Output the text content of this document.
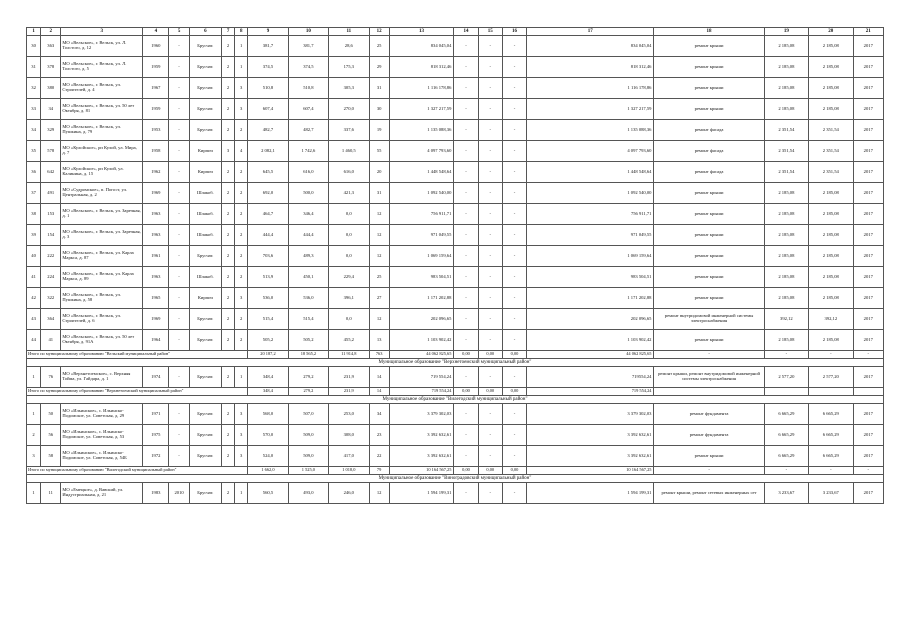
1	2	3	4	5	6	7	8	9	10	11	12	13	14	15	16	17	18	19	20	21
30	363	МО «Вельское», г. Вельск, ул. Л. Толстого, д. 12	1960	-	Брусчат.	2	1	381,7	381,7	28,6	25	834 045,04	-	-	-	834 045,04	ремонт крыши	2 185,08	2 185,08	2017
31	378	МО «Вельское», г. Вельск, ул. Л. Толстого, д. 5	1959	-	Брусчат.	2	1	374,5	374,5	175,3	29	818 312,46	-	-	-	818 312,46	ремонт крыши	2 185,08	2 185,08	2017
32	380	МО «Вельское», г. Вельск, ул. Строителей, д. 4	1967	-	Брусчат.	2	3	510,8	510,8	305,3	31	1 116 178,86	-	-	-	1 116 178,86	ремонт крыши	2 185,08	2 185,08	2017
33	34	МО «Вельское», г. Вельск, ул. 50 лет Октября, д. 81	1959	-	Брусчат.	2	3	607,4	607,4	270,0	30	1 327 217,59	-	-	-	1 327 217,59	ремонт крыши	2 185,08	2 185,08	2017
34	329	МО «Вельское», г. Вельск, ул. Пушкина, д. 79	1953	-	Брусчат.	2	2	482,7	482,7	337,6	19	1 135 088,36	-	-	-	1 135 088,36	ремонт фасада	2 351,54	2 351,54	2017
35	578	МО «Кулойское», рп Кулой, ул. Мира, д. 7	1958	-	Кирпич	3	4	2 082,1	1 742,6	1 460,5	55	4 097 793,60	-	-	-	4 097 793,60	ремонт фасада	2 351,54	2 351,54	2017
36	642	МО «Кулойское», рп Кулой, ул. Калинина, д. 15	1962	-	Кирпич	2	2	645,5	616,0	616,0	20	1 448 548,64	-	-	-	1 448 548,64	ремонт фасада	2 351,54	2 351,54	2017
37	491	МО «Судромское», п. Погост, ул. Центральная, д. 2	1969	-	Шлакоб.	2	2	692,0	500,0	421,3	31	1 092 540,00	-	-	-	1 092 540,00	ремонт крыши	2 185,08	2 185,08	2017
38	153	МО «Вельское», г. Вельск, ул. Заречная, д. 1	1963	-	Шлакоб.	2	2	464,7	346,4	0,0	12	756 911,71	-	-	-	756 911,71	ремонт крыши	2 185,08	2 185,08	2017
39	154	МО «Вельское», г. Вельск, ул. Заречная, д. 3	1963	-	Шлакоб.	2	2	444,4	444,4	0,0	12	971 049,55	-	-	-	971 049,55	ремонт крыши	2 185,08	2 185,08	2017
40	222	МО «Вельское», г. Вельск, ул. Карла Маркса, д. 87	1961	-	Брусчат.	2	2	703,6	489,3	0,0	12	1 069 159,64	-	-	-	1 069 159,64	ремонт крыши	2 185,08	2 185,08	2017
41	224	МО «Вельское», г. Вельск, ул. Карла Маркса, д. 89	1963	-	Шлакоб.	2	2	513,9	450,1	229,4	25	983 504,51	-	-	-	983 504,51	ремонт крыши	2 185,08	2 185,08	2017
42	322	МО «Вельское», г. Вельск, ул. Пушкина, д. 58	1965	-	Кирпич	2	3	536,0	536,0	396,1	27	1 171 202,88	-	-	-	1 171 202,88	ремонт крыши	2 185,08	2 185,08	2017
43	364	МО «Вельское», г. Вельск, ул. Строителей, д. 6	1969	-	Брусчат.	2	2	515,4	515,4	0,0	12	202 096,65	-	-	-	202 096,65	ремонт внутридомовой инженерной системы электроснабжения	392,12	392,12	2017
44	41	МО «Вельское», г. Вельск, ул. 50 лет Октября, д. 91А	1964	-	Брусчат.	2	2	505,2	505,2	455,2	13	1 103 902,42	-	-	-	1 103 902,42	ремонт крыши	2 185,08	2 185,08	2017
Итого по муниципальному образованию "Вельский муниципальный район"								20 187,2	18 565,2	11 914,8	763	44 062 825,65	0,00	0,00	0,00	44 062 825,65	-	-	-	-
Муниципальное образование "Верхнетоемский муниципальный район"																				
1	76	МО «Верхнетоемское», с. Верхняя Тойма, ул. Гайдара, д. 1	1974	-	Брусчат.	2	1	348,4	279,2	231,9	14	719 554,24	-	-	-	719554,24	ремонт крыши, ремонт внутридомовой инженерной системы электроснабжения	2 577,20	2 577,20	2017
Итого по муниципальному образованию "Верхнетоемский муниципальный район"								348,4	279,2	231,9	14	719 554,24	0,00	0,00	0,00	719 554,24				
Муниципальное образование "Вилегодский муниципальный район"																				
1	50	МО «Ильинское», с. Ильинско-Подомское, ул. Советская, д. 29	1971	-	Брусчат.	2	3	568,0	507,0	253,0	34	3 379 302,03	-	-	-	3 379 302,03	ремонт фундамента	6 665,29	6 665,29	2017
2	56	МО «Ильинское», с. Ильинско-Подомское, ул. Советская, д. 53	1975	-	Брусчат.	2	3	570,0	509,0	308,0	23	3 392 632,61	-	-	-	3 392 632,61	ремонт фундамента	6 665,29	6 665,29	2017
3	58	МО «Ильинское», с. Ильинско-Подомское, ул. Советская, д. 54Б	1972	-	Брусчат.	2	3	524,0	509,0	417,0	22	3 392 632,61	-	-	-	3 392 632,61	ремонт крыши	6 665,29	6 665,29	2017
Итого по муниципальному образованию "Вилегодский муниципальный район"								1 662,0	1 525,0	1 018,0	79	10 164 567,25	0,00	0,00	0,00	10 164 567,25	-	-	-	-
Муниципальное образование "Виноградовский муниципальный район"																				
1	11	МО «Емецкое», д. Вавский, ул. Индустриальная, д. 21	1983	2010	Брусчат.	2	1	560,5	493,0	246,0	12	1 594 199,31	-	-	-	1 594 199,31	ремонт крыши, ремонт сетевых инженерных сет	3 233,67	3 233,67	2017
